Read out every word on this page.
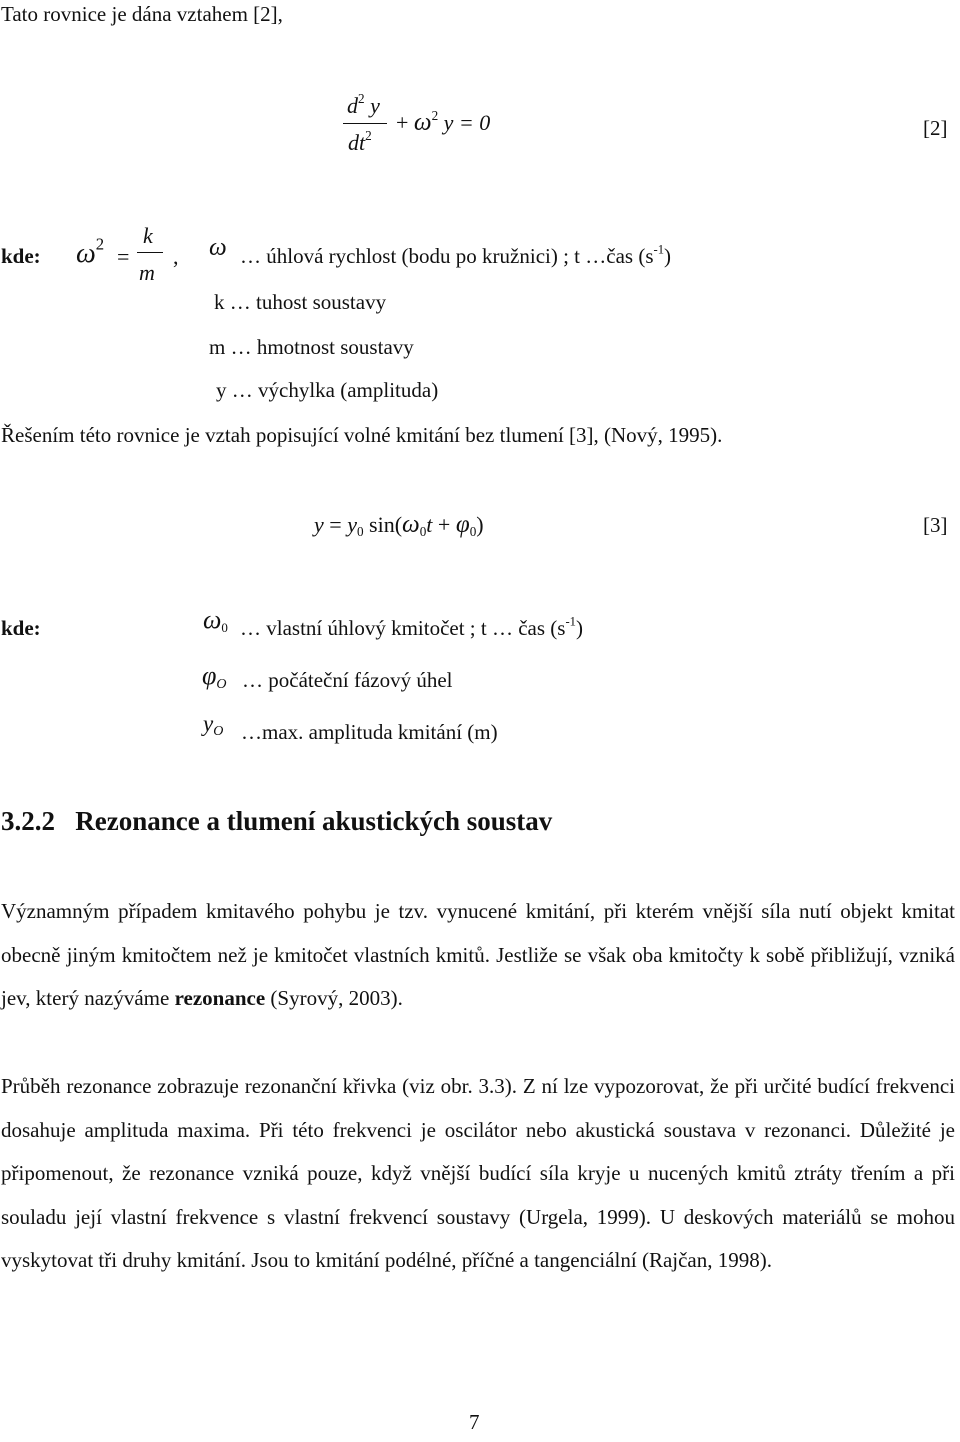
Tato rovnice je dána vztahem [2],
$d^2$ y
$dt^2$
+ $\omega^2$ y = 0	[2]
kde: $\omega^2$
=
k
m
, ω … úhlová rychlost (bodu po kružnici) ; t …čas $(s^{-1})$
k … tuhost soustavy
m … hmotnost soustavy
y … výchylka (amplituda)
Řešením této rovnice je vztah popisující volné kmitání bez tlumení [3], (Nový, 1995).
$y = y_0$ $\sin(\omega_0t + \varphi_0)$	[3]
kde:	$\omega_0$ … vlastní úhlový kmitočet ; t … čas $(s^{-1})$
$\varphi_O$ … počáteční fázový úhel
$y_O$ …max. amplituda kmitání (m)
3.2.2   Rezonance a tlumení akustických soustav
Významným případem kmitavého pohybu je tzv. vynucené kmitání, při kterém vnější síla nutí objekt kmitat obecně jiným kmitočtem než je kmitočet vlastních kmitů. Jestliže se však oba kmitočty k sobě přibližují, vzniká jev, který nazýváme rezonance (Syrový, 2003).
Průběh rezonance zobrazuje rezonanční křivka (viz obr. 3.3). Z ní lze vypozorovat, že při určité budící frekvenci dosahuje amplituda maxima. Při této frekvenci je oscilátor nebo akustická soustava v rezonanci. Důležité je připomenout, že rezonance vzniká pouze, když vnější budící síla kryje u nucených kmitů ztráty třením a při souladu její vlastní frekvence s vlastní frekvencí soustavy (Urgela, 1999). U deskových materiálů se mohou vyskytovat tři druhy kmitání. Jsou to kmitání podélné, příčné a tangenciální (Rajčan, 1998).
7
